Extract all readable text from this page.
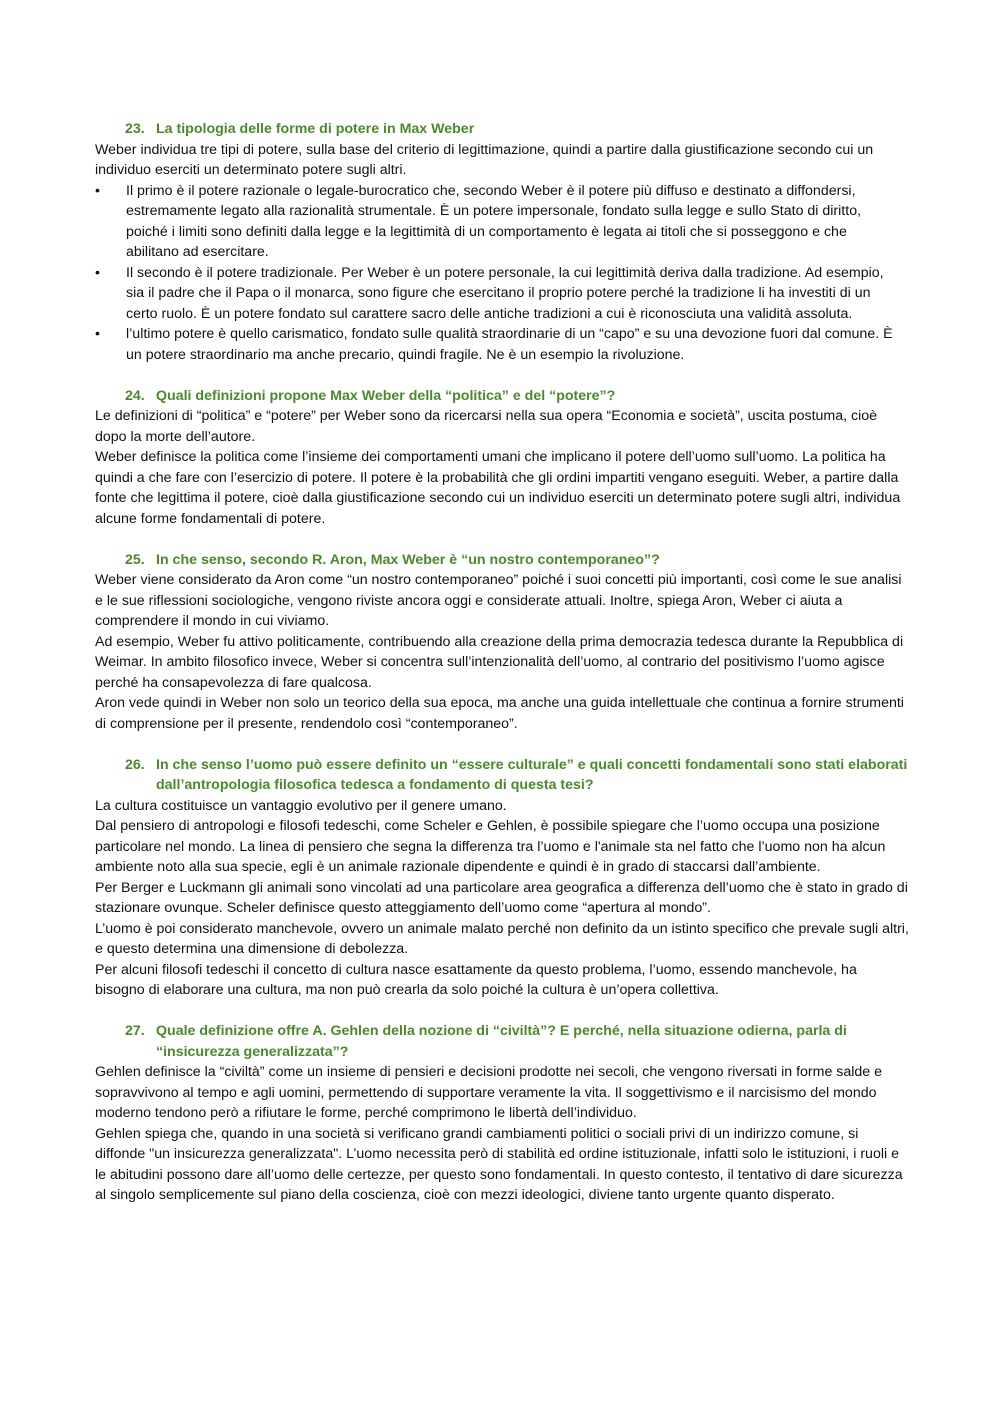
23. La tipologia delle forme di potere in Max Weber

Weber individua tre tipi di potere, sulla base del criterio di legittimazione, quindi a partire dalla giustificazione secondo cui un individuo eserciti un determinato potere sugli altri.

•	Il primo è il potere razionale o legale-burocratico che, secondo Weber è il potere più diffuso e destinato a diffondersi, estremamente legato alla razionalità strumentale. È un potere impersonale, fondato sulla legge e sullo Stato di diritto, poiché i limiti sono definiti dalla legge e la legittimità di un comportamento è legata ai titoli che si posseggono e che abilitano ad esercitare.
•	Il secondo è il potere tradizionale. Per Weber è un potere personale, la cui legittimità deriva dalla tradizione. Ad esempio, sia il padre che il Papa o il monarca, sono figure che esercitano il proprio potere perché la tradizione li ha investiti di un certo ruolo. È un potere fondato sul carattere sacro delle antiche tradizioni a cui è riconosciuta una validità assoluta.
•	l’ultimo potere è quello carismatico, fondato sulle qualità straordinarie di un “capo” e su una devozione fuori dal comune. È un potere straordinario ma anche precario, quindi fragile. Ne è un esempio la rivoluzione.
24. Quali definizioni propone Max Weber della “politica” e del “potere”?

Le definizioni di “politica” e “potere” per Weber sono da ricercarsi nella sua opera “Economia e società”, uscita postuma, cioè dopo la morte dell’autore.

Weber definisce la politica come l’insieme dei comportamenti umani che implicano il potere dell’uomo sull’uomo. La politica ha quindi a che fare con l’esercizio di potere. Il potere è la probabilità che gli ordini impartiti vengano eseguiti. Weber, a partire dalla fonte che legittima il potere, cioè dalla giustificazione secondo cui un individuo eserciti un determinato potere sugli altri, individua alcune forme fondamentali di potere.

25. In che senso, secondo R. Aron, Max Weber è “un nostro contemporaneo”?

Weber viene considerato da Aron come “un nostro contemporaneo” poiché i suoi concetti più importanti, così come le sue analisi e le sue riflessioni sociologiche, vengono riviste ancora oggi e considerate attuali. Inoltre, spiega Aron, Weber ci aiuta a comprendere il mondo in cui viviamo.

Ad esempio, Weber fu attivo politicamente, contribuendo alla creazione della prima democrazia tedesca durante la Repubblica di Weimar. In ambito filosofico invece, Weber si concentra sull’intenzionalità dell’uomo, al contrario del positivismo l’uomo agisce perché ha consapevolezza di fare qualcosa.

Aron vede quindi in Weber non solo un teorico della sua epoca, ma anche una guida intellettuale che continua a fornire strumenti di comprensione per il presente, rendendolo così “contemporaneo”.

26. In che senso l’uomo può essere definito un “essere culturale” e quali concetti fondamentali sono stati elaborati dall’antropologia filosofica tedesca a fondamento di questa tesi?

La cultura costituisce un vantaggio evolutivo per il genere umano.

Dal pensiero di antropologi e filosofi tedeschi, come Scheler e Gehlen, è possibile spiegare che l’uomo occupa una posizione particolare nel mondo. La linea di pensiero che segna la differenza tra l’uomo e l'animale sta nel fatto che l’uomo non ha alcun ambiente noto alla sua specie, egli è un animale razionale dipendente e quindi è in grado di staccarsi dall’ambiente.

Per Berger e Luckmann gli animali sono vincolati ad una particolare area geografica a differenza dell’uomo che è stato in grado di stazionare ovunque. Scheler definisce questo atteggiamento dell’uomo come “apertura al mondo”.

L’uomo è poi considerato manchevole, ovvero un animale malato perché non definito da un istinto specifico che prevale sugli altri, e questo determina una dimensione di debolezza.

Per alcuni filosofi tedeschi il concetto di cultura nasce esattamente da questo problema, l’uomo, essendo manchevole, ha bisogno di elaborare una cultura, ma non può crearla da solo poiché la cultura è un’opera collettiva.

27. Quale definizione offre A. Gehlen della nozione di “civiltà”? E perché, nella situazione odierna, parla di “insicurezza generalizzata”?

Gehlen definisce la “civiltà” come un insieme di pensieri e decisioni prodotte nei secoli, che vengono riversati in forme salde e sopravvivono al tempo e agli uomini, permettendo di supportare veramente la vita. Il soggettivismo e il narcisismo del mondo moderno tendono però a rifiutare le forme, perché comprimono le libertà dell’individuo.

Gehlen spiega che, quando in una società si verificano grandi cambiamenti politici o sociali privi di un indirizzo comune, si diffonde "un insicurezza generalizzata". L’uomo necessita però di stabilità ed ordine istituzionale, infatti solo le istituzioni, i ruoli e le abitudini possono dare all’uomo delle certezze, per questo sono fondamentali. In questo contesto, il tentativo di dare sicurezza al singolo semplicemente sul piano della coscienza, cioè con mezzi ideologici, diviene tanto urgente quanto disperato.
